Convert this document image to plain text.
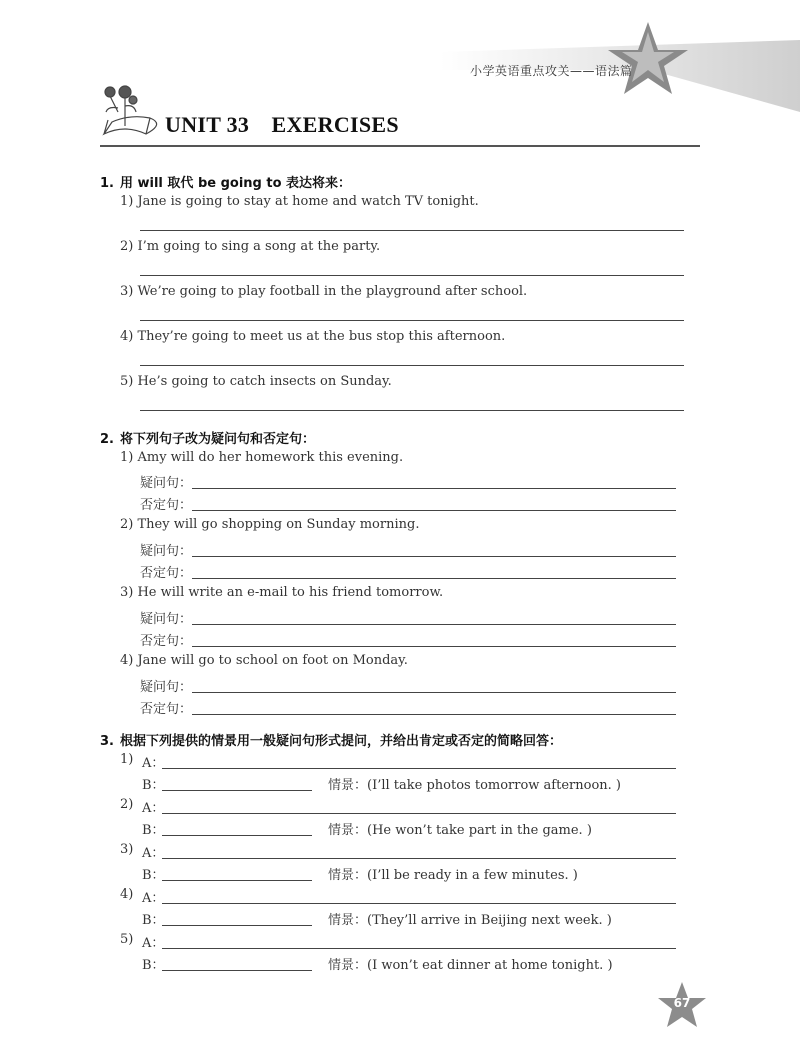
小学英语重点攻关——语法篇
UNIT 33　EXERCISES
1. 用 will 取代 be going to 表达将来：
1) Jane is going to stay at home and watch TV tonight.
2) I’m going to sing a song at the party.
3) We’re going to play football in the playground after school.
4) They’re going to meet us at the bus stop this afternoon.
5) He’s going to catch insects on Sunday.
2. 将下列句子改为疑问句和否定句：
1) Amy will do her homework this evening.
疑问句：
否定句：
2) They will go shopping on Sunday morning.
疑问句：
否定句：
3) He will write an e-mail to his friend tomorrow.
疑问句：
否定句：
4) Jane will go to school on foot on Monday.
疑问句：
否定句：
3. 根据下列提供的情景用一般疑问句形式提问，并给出肯定或否定的简略回答：
1) A：
B：	情景：(I’ll take photos tomorrow afternoon. )
2) A：
B：	情景：(He won’t take part in the game. )
3) A：
B：	情景：(I’ll be ready in a few minutes. )
4) A：
B：	情景：(They’ll arrive in Beijing next week. )
5) A：
B：	情景：(I won’t eat dinner at home tonight. )
67
